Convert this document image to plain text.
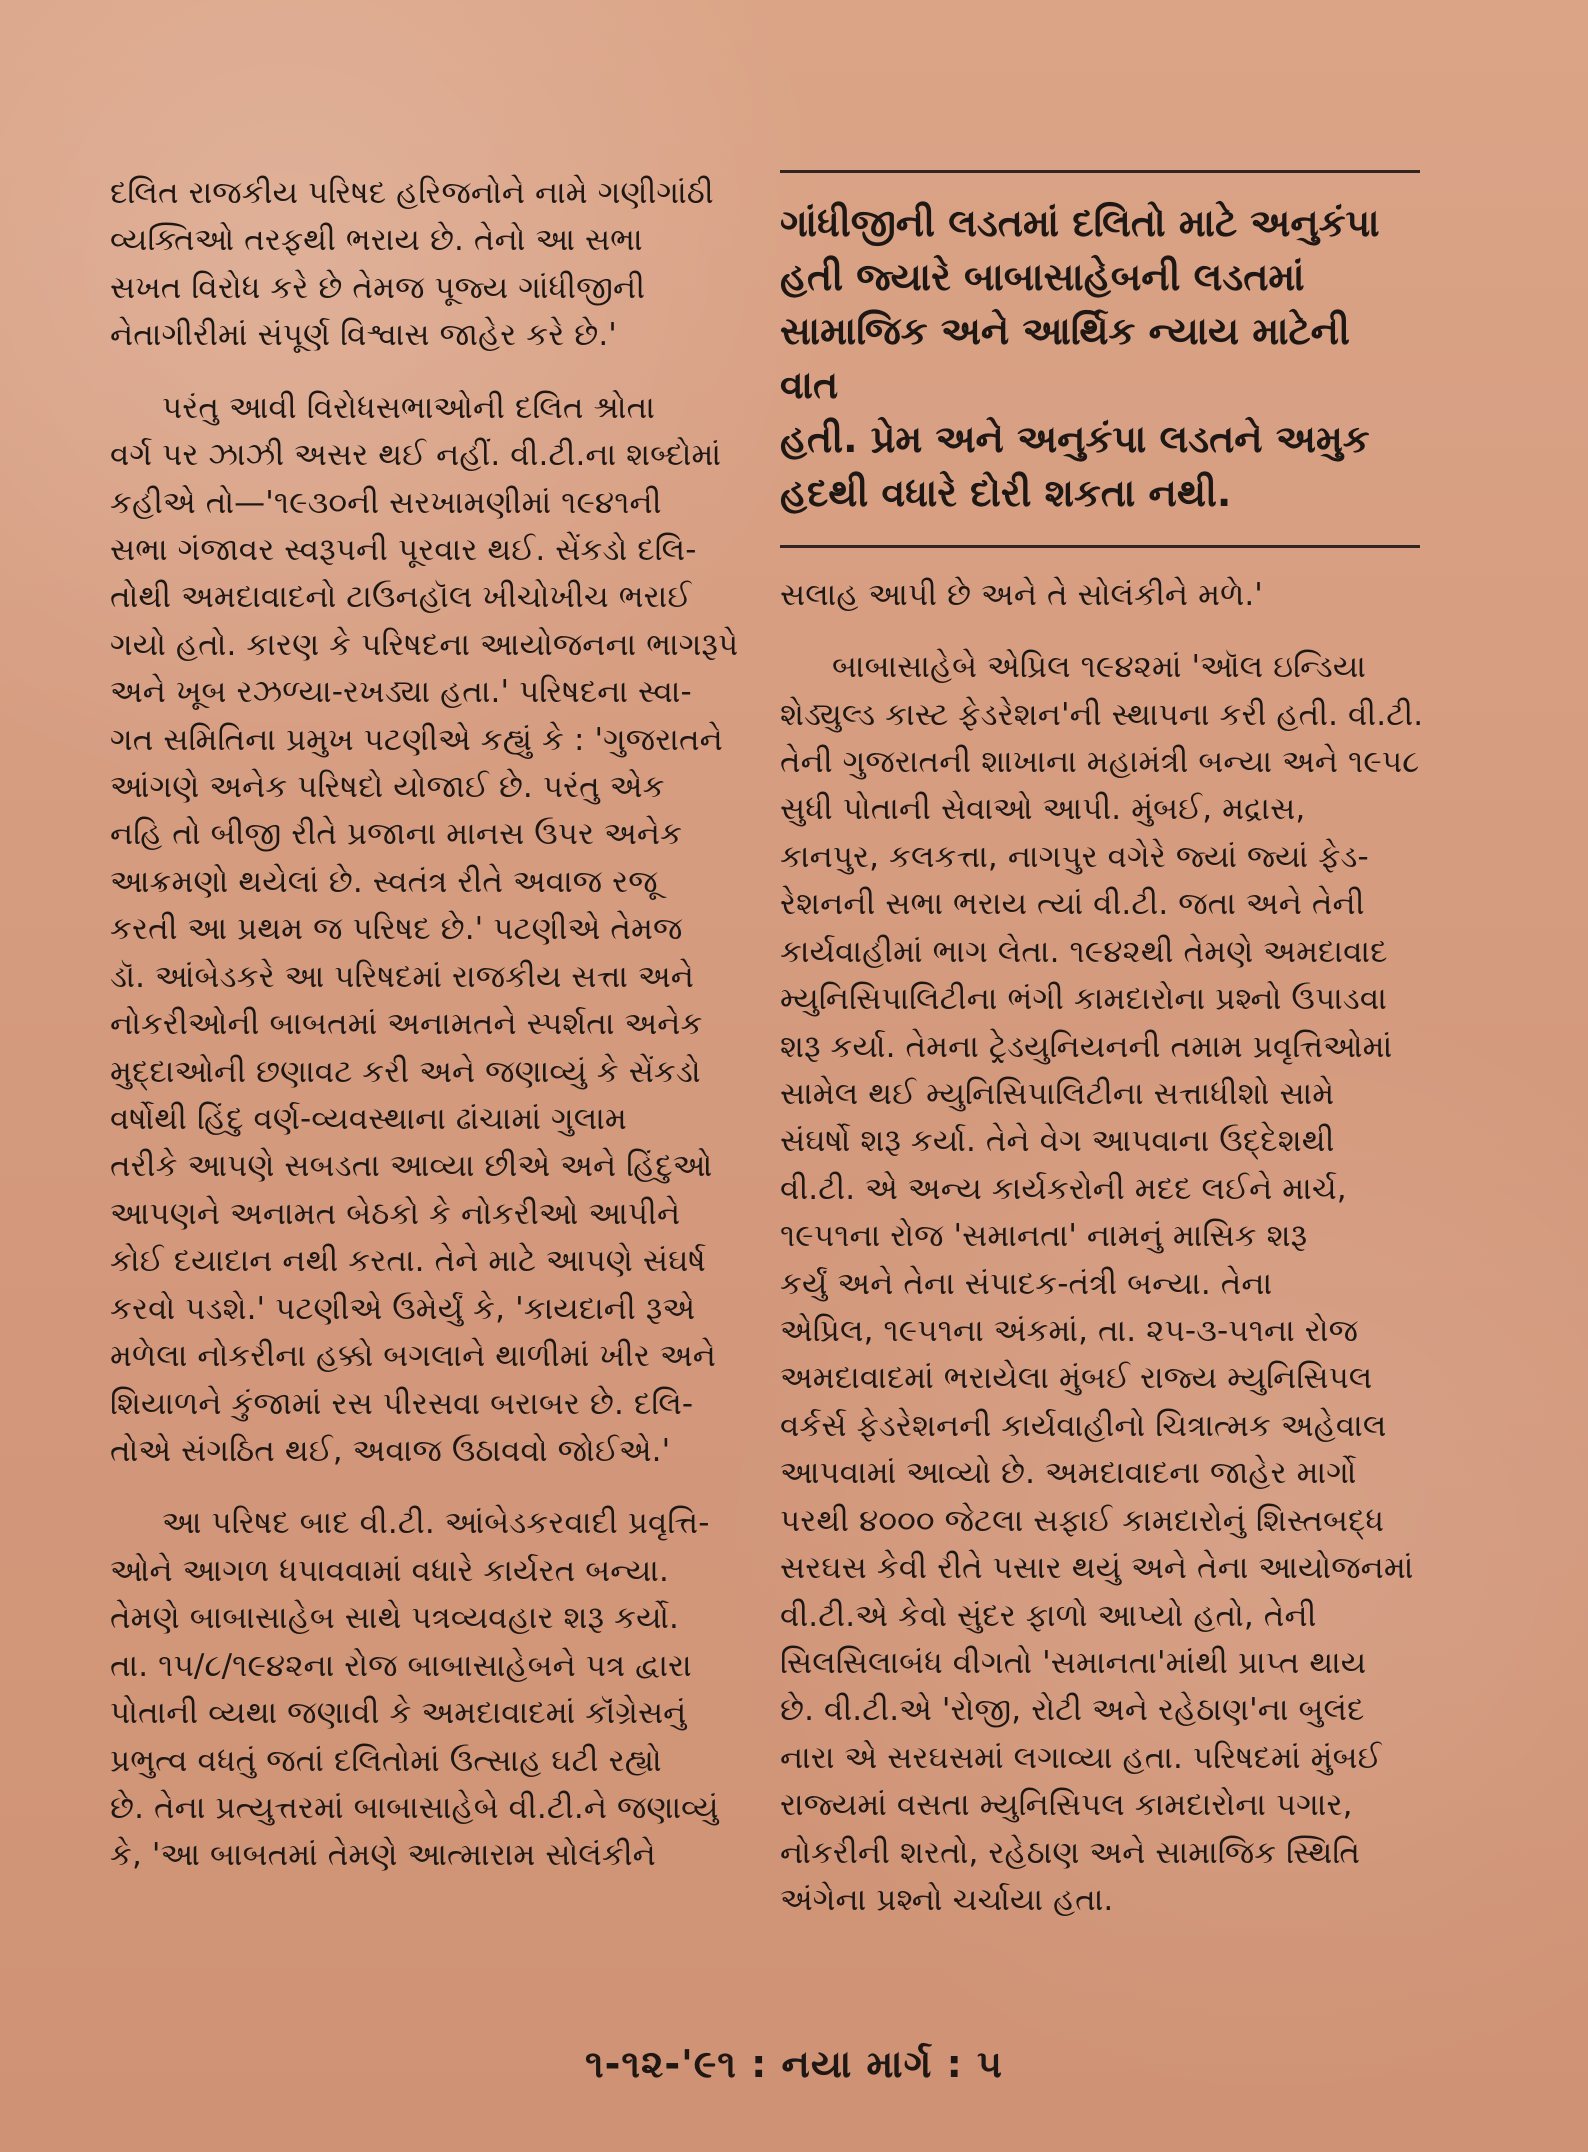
દલિત રાજકીય પરિષદ હરિજનોને નામે ગણીગાંઠી
વ્યક્તિઓ તરફથી ભરાય છે. તેનો આ સભા
સખત વિરોધ કરે છે તેમજ પૂજ્ય ગાંધીજીની
નેતાગીરીમાં સંપૂર્ણ વિશ્વાસ જાહેર કરે છે.'

પરંતુ આવી વિરોધસભાઓની દલિત શ્રોતા
વર્ગ પર ઝાઝી અસર થઈ નહીં. વી.ટી.ના શબ્દોમાં
કહીએ તો—'૧૯૩૦ની સરખામણીમાં ૧૯૪૧ની
સભા ગંજાવર સ્વરૂપની પૂરવાર થઈ. સેંકડો દલિ-
તોથી અમદાવાદનો ટાઉનહૉલ ખીચોખીચ ભરાઈ
ગયો હતો. કારણ કે પરિષદના આયોજનના ભાગરૂપે
અને ખૂબ રઝળ્યા-રખડ્યા હતા.' પરિષદના સ્વા-
ગત સમિતિના પ્રમુખ પટણીએ કહ્યું કે : 'ગુજરાતને
આંગણે અનેક પરિષદો યોજાઈ છે. પરંતુ એક
નહિ તો બીજી રીતે પ્રજાના માનસ ઉપર અનેક
આક્રમણો થયેલાં છે. સ્વતંત્ર રીતે અવાજ રજૂ
કરતી આ પ્રથમ જ પરિષદ છે.' પટણીએ તેમજ
ડૉ. આંબેડકરે આ પરિષદમાં રાજકીય સત્તા અને
નોકરીઓની બાબતમાં અનામતને સ્પર્શતા અનેક
મુદ્દાઓની છણાવટ કરી અને જણાવ્યું કે સેંકડો
વર્ષોથી હિંદુ વર્ણ-વ્યવસ્થાના ઢાંચામાં ગુલામ
તરીકે આપણે સબડતા આવ્યા છીએ અને હિંદુઓ
આપણને અનામત બેઠકો કે નોકરીઓ આપીને
કોઈ દયાદાન નથી કરતા. તેને માટે આપણે સંઘર્ષ
કરવો પડશે.' પટણીએ ઉમેર્યું કે, 'કાયદાની રૂએ
મળેલા નોકરીના હક્કો બગલાને થાળીમાં ખીર અને
શિયાળને કુંજામાં રસ પીરસવા બરાબર છે. દલિ-
તોએ સંગઠિત થઈ, અવાજ ઉઠાવવો જોઈએ.'

આ પરિષદ બાદ વી.ટી. આંબેડકરવાદી પ્રવૃત્તિ-
ઓને આગળ ધપાવવામાં વધારે કાર્યરત બન્યા.
તેમણે બાબાસાહેબ સાથે પત્રવ્યવહાર શરૂ કર્યો.
તા. ૧૫/૮/૧૯૪૨ના રોજ બાબાસાહેબને પત્ર દ્વારા
પોતાની વ્યથા જણાવી કે અમદાવાદમાં કૉંગ્રેસનું
પ્રભુત્વ વધતું જતાં દલિતોમાં ઉત્સાહ ઘટી રહ્યો
છે. તેના પ્રત્યુત્તરમાં બાબાસાહેબે વી.ટી.ને જણાવ્યું
કે, 'આ બાબતમાં તેમણે આત્મારામ સોલંકીને

ગાંધીજીની લડતમાં દલિતો માટે અનુકંપા
હતી જ્યારે બાબાસાહેબની લડતમાં
સામાજિક અને આર્થિક ન્યાય માટેની વાત
હતી. પ્રેમ અને અનુકંપા લડતને અમુક
હદથી વધારે દોરી શકતા નથી.

સલાહ આપી છે અને તે સોલંકીને મળે.'

બાબાસાહેબે એપ્રિલ ૧૯૪૨માં 'ઑલ ઇન્ડિયા
શેડ્યુલ્ડ કાસ્ટ ફેડરેશન'ની સ્થાપના કરી હતી. વી.ટી.
તેની ગુજરાતની શાખાના મહામંત્રી બન્યા અને ૧૯૫૮
સુધી પોતાની સેવાઓ આપી. મુંબઈ, મદ્રાસ,
કાનપુર, કલકત્તા, નાગપુર વગેરે જ્યાં જ્યાં ફેડ-
રેશનની સભા ભરાય ત્યાં વી.ટી. જતા અને તેની
કાર્યવાહીમાં ભાગ લેતા. ૧૯૪૨થી તેમણે અમદાવાદ
મ્યુનિસિપાલિટીના ભંગી કામદારોના પ્રશ્નો ઉપાડવા
શરૂ કર્યા. તેમના ટ્રેડયુનિયનની તમામ પ્રવૃત્તિઓમાં
સામેલ થઈ મ્યુનિસિપાલિટીના સત્તાધીશો સામે
સંઘર્ષો શરૂ કર્યા. તેને વેગ આપવાના ઉદ્દેશથી
વી.ટી. એ અન્ય કાર્યકરોની મદદ લઈને માર્ચ,
૧૯૫૧ના રોજ 'સમાનતા' નામનું માસિક શરૂ
કર્યું અને તેના સંપાદક-તંત્રી બન્યા. તેના
એપ્રિલ, ૧૯૫૧ના અંકમાં, તા. ૨૫-૩-૫૧ના રોજ
અમદાવાદમાં ભરાયેલા મુંબઈ રાજ્ય મ્યુનિસિપલ
વર્કર્સ ફેડરેશનની કાર્યવાહીનો ચિત્રાત્મક અહેવાલ
આપવામાં આવ્યો છે. અમદાવાદના જાહેર માર્ગો
પરથી ૪૦૦૦ જેટલા સફાઈ કામદારોનું શિસ્તબદ્ધ
સરઘસ કેવી રીતે પસાર થયું અને તેના આયોજનમાં
વી.ટી.એ કેવો સુંદર ફાળો આપ્યો હતો, તેની
સિલસિલાબંધ વીગતો 'સમાનતા'માંથી પ્રાપ્ત થાય
છે. વી.ટી.એ 'રોજી, રોટી અને રહેઠાણ'ના બુલંદ
નારા એ સરઘસમાં લગાવ્યા હતા. પરિષદમાં મુંબઈ
રાજ્યમાં વસતા મ્યુનિસિપલ કામદારોના પગાર,
નોકરીની શરતો, રહેઠાણ અને સામાજિક સ્થિતિ
અંગેના પ્રશ્નો ચર્ચાયા હતા.

૧-૧૨-'૯૧ : નયા માર્ગ : ૫
